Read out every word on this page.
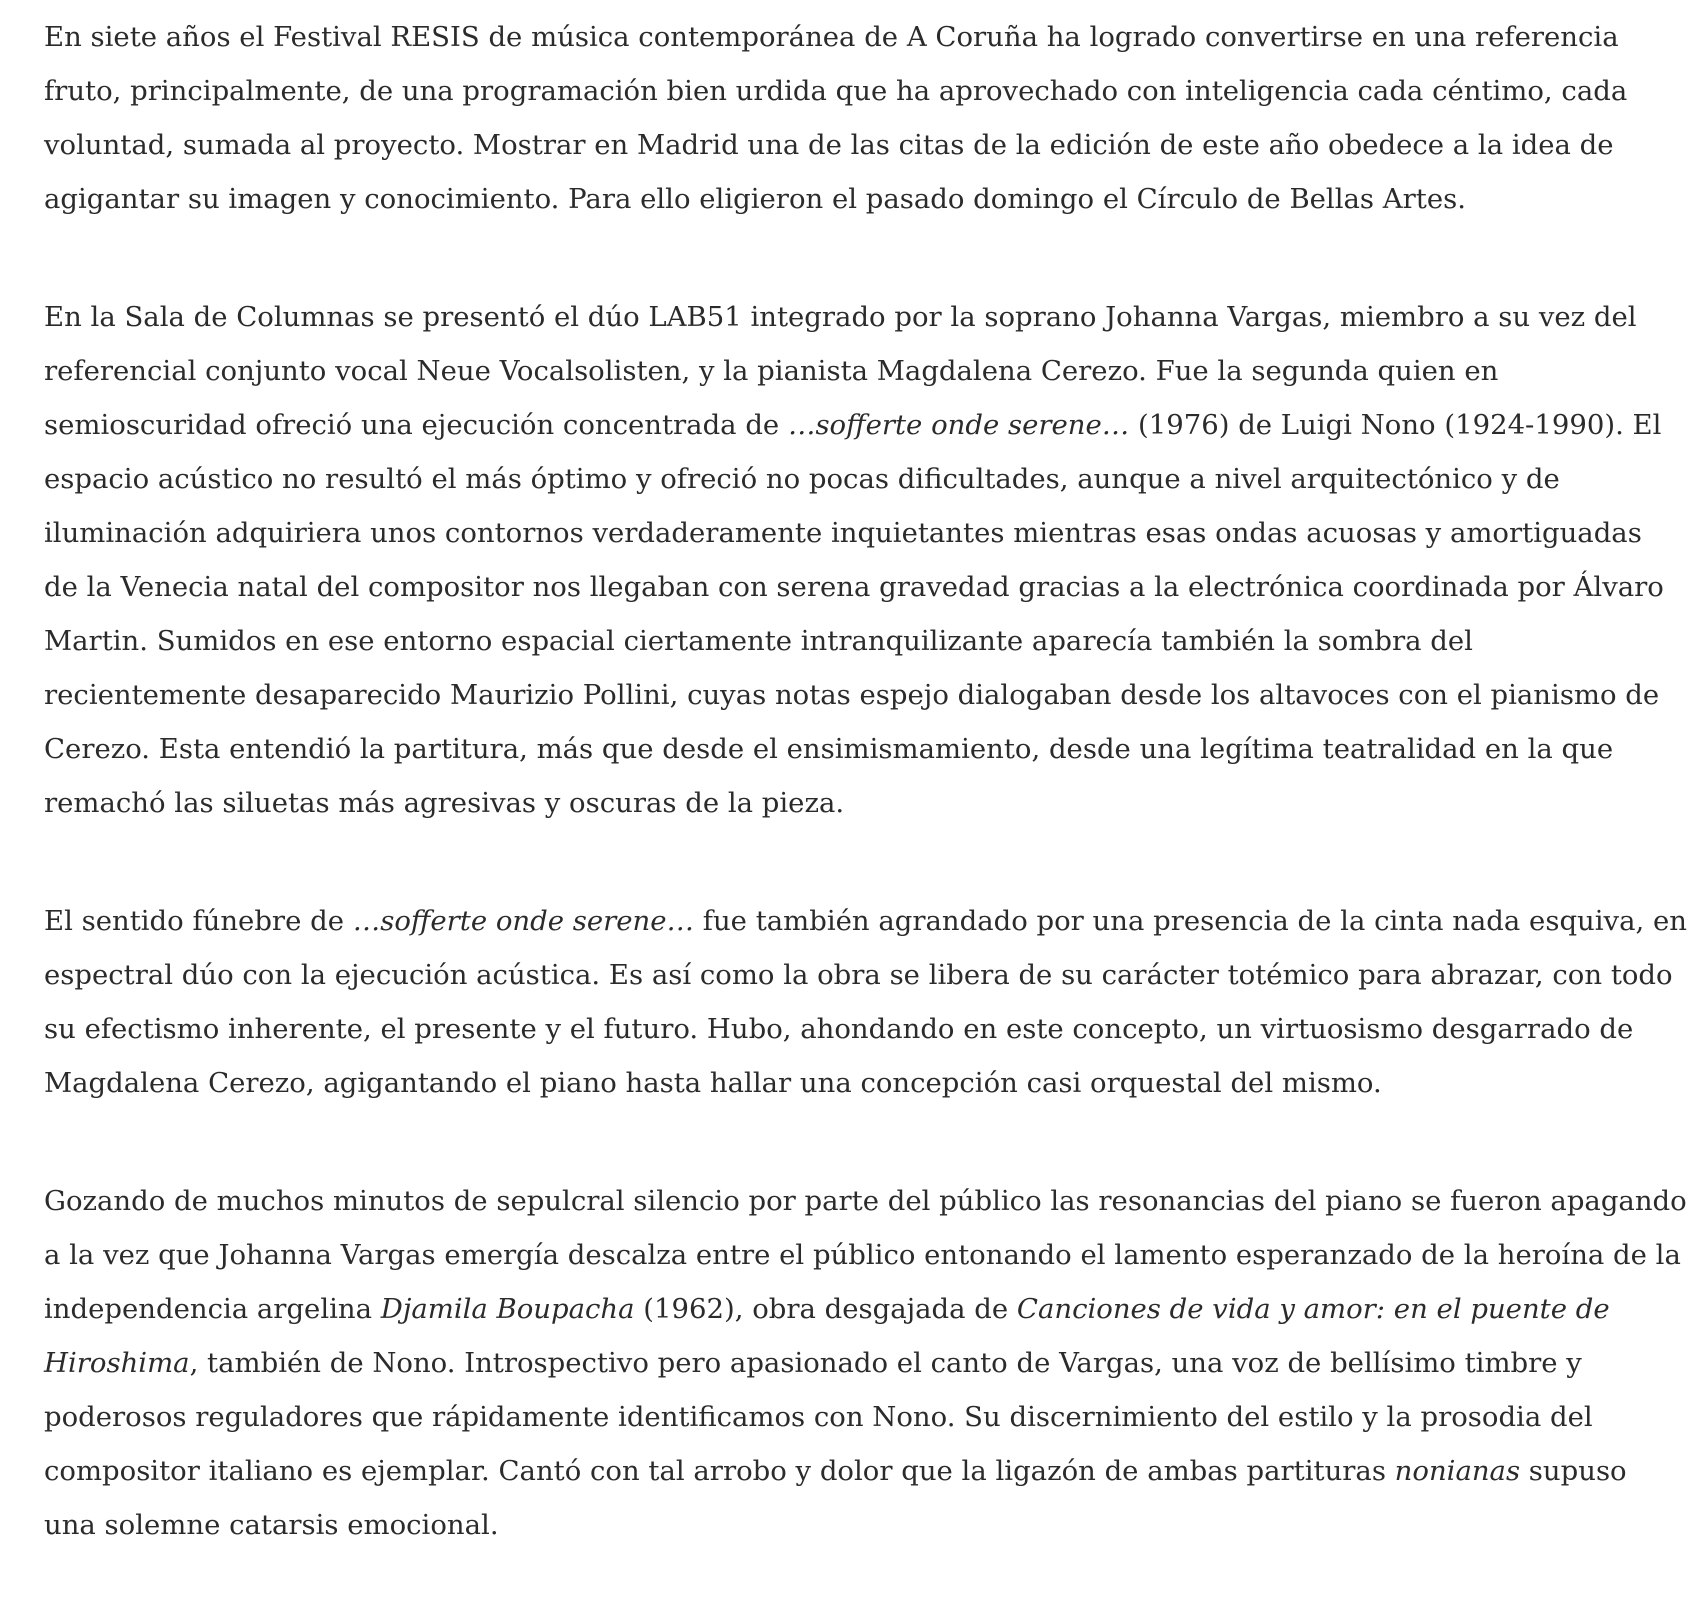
En siete años el Festival RESIS de música contemporánea de A Coruña ha logrado convertirse en una referencia
fruto, principalmente, de una programación bien urdida que ha aprovechado con inteligencia cada céntimo, cada
voluntad, sumada al proyecto. Mostrar en Madrid una de las citas de la edición de este año obedece a la idea de
agigantar su imagen y conocimiento. Para ello eligieron el pasado domingo el Círculo de Bellas Artes.

En la Sala de Columnas se presentó el dúo LAB51 integrado por la soprano Johanna Vargas, miembro a su vez del
referencial conjunto vocal Neue Vocalsolisten, y la pianista Magdalena Cerezo. Fue la segunda quien en
semioscuridad ofreció una ejecución concentrada de …sofferte onde serene… (1976) de Luigi Nono (1924-1990). El
espacio acústico no resultó el más óptimo y ofreció no pocas dificultades, aunque a nivel arquitectónico y de
iluminación adquiriera unos contornos verdaderamente inquietantes mientras esas ondas acuosas y amortiguadas
de la Venecia natal del compositor nos llegaban con serena gravedad gracias a la electrónica coordinada por Álvaro
Martin. Sumidos en ese entorno espacial ciertamente intranquilizante aparecía también la sombra del
recientemente desaparecido Maurizio Pollini, cuyas notas espejo dialogaban desde los altavoces con el pianismo de
Cerezo. Esta entendió la partitura, más que desde el ensimismamiento, desde una legítima teatralidad en la que
remachó las siluetas más agresivas y oscuras de la pieza.

El sentido fúnebre de …sofferte onde serene… fue también agrandado por una presencia de la cinta nada esquiva, en
espectral dúo con la ejecución acústica. Es así como la obra se libera de su carácter totémico para abrazar, con todo
su efectismo inherente, el presente y el futuro. Hubo, ahondando en este concepto, un virtuosismo desgarrado de
Magdalena Cerezo, agigantando el piano hasta hallar una concepción casi orquestal del mismo.

Gozando de muchos minutos de sepulcral silencio por parte del público las resonancias del piano se fueron apagando
a la vez que Johanna Vargas emergía descalza entre el público entonando el lamento esperanzado de la heroína de la
independencia argelina Djamila Boupacha (1962), obra desgajada de Canciones de vida y amor: en el puente de
Hiroshima, también de Nono. Introspectivo pero apasionado el canto de Vargas, una voz de bellísimo timbre y
poderosos reguladores que rápidamente identificamos con Nono. Su discernimiento del estilo y la prosodia del
compositor italiano es ejemplar. Cantó con tal arrobo y dolor que la ligazón de ambas partituras nonianas supuso
una solemne catarsis emocional.
